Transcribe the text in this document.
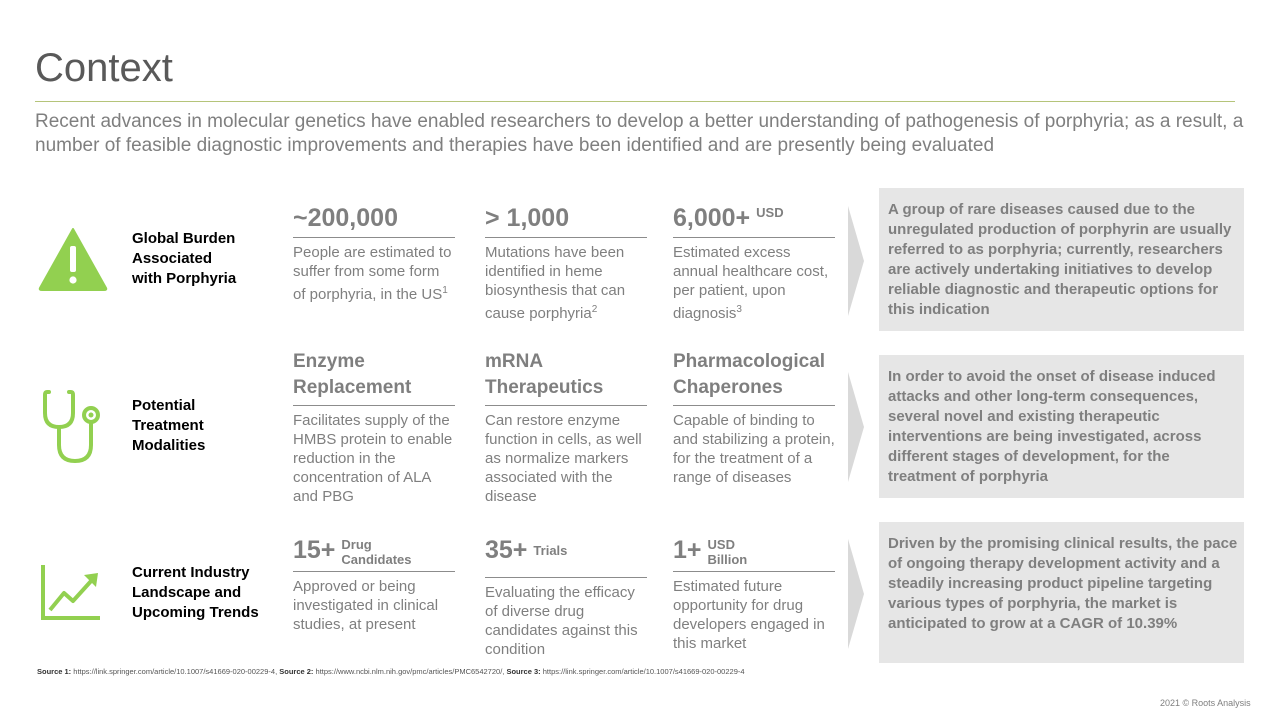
Context
Recent advances in molecular genetics have enabled researchers to develop a better understanding of pathogenesis of porphyria; as a result, a number of feasible diagnostic improvements and therapies have been identified and are presently being evaluated
Global Burden
Associated
with Porphyria
~200,000
People are estimated to suffer from some form of porphyria, in the $US^1$
> 1,000
Mutations have been identified in heme biosynthesis that can cause porphyria$^2$
6,000+ USD
Estimated excess annual healthcare cost, per patient, upon diagnosis$^3$
A group of rare diseases caused due to the unregulated production of porphyrin are usually referred to as porphyria; currently, researchers are actively undertaking initiatives to develop reliable diagnostic and therapeutic options for this indication
Potential
Treatment
Modalities
Enzyme Replacement
Facilitates supply of the HMBS protein to enable reduction in the concentration of ALA and PBG
mRNA Therapeutics
Can restore enzyme function in cells, as well as normalize markers associated with the disease
Pharmacological Chaperones
Capable of binding to and stabilizing a protein, for the treatment of a range of diseases
In order to avoid the onset of disease induced attacks and other long-term consequences, several novel and existing therapeutic interventions are being investigated, across different stages of development, for the treatment of porphyria
Current Industry
Landscape and
Upcoming Trends
15+ Drug
Candidates
Approved or being investigated in clinical studies, at present
35+ Trials

Evaluating the efficacy of diverse drug candidates against this condition
1+ USD
Billion
Estimated future opportunity for drug developers engaged in this market
Driven by the promising clinical results, the pace of ongoing therapy development activity and a steadily increasing product pipeline targeting various types of porphyria, the market is anticipated to grow at a CAGR of 10.39%
Source 1: https://link.springer.com/article/10.1007/s41669-020-00229-4, Source 2: https://www.ncbi.nlm.nih.gov/pmc/articles/PMC6542720/, Source 3: https://link.springer.com/article/10.1007/s41669-020-00229-4
2021 © Roots Analysis
